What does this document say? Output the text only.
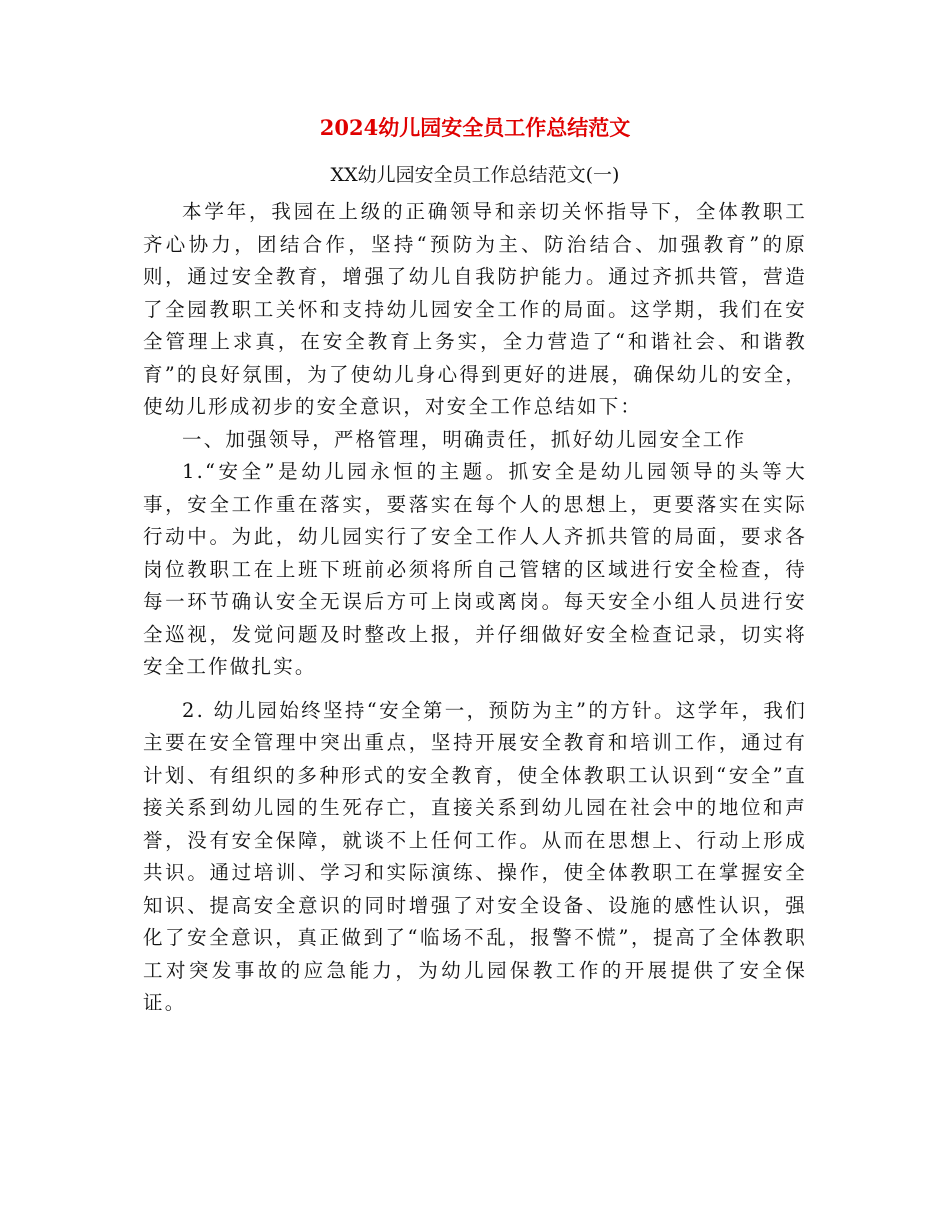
2024幼儿园安全员工作总结范文
XX幼儿园安全员工作总结范文(一)

本学年，我园在上级的正确领导和亲切关怀指导下，全体教职工齐心协力，团结合作，坚持“预防为主、防治结合、加强教育”的原则，通过安全教育，增强了幼儿自我防护能力。通过齐抓共管，营造了全园教职工关怀和支持幼儿园安全工作的局面。这学期，我们在安全管理上求真，在安全教育上务实，全力营造了“和谐社会、和谐教育”的良好氛围，为了使幼儿身心得到更好的进展，确保幼儿的安全，使幼儿形成初步的安全意识，对安全工作总结如下：

一、加强领导，严格管理，明确责任，抓好幼儿园安全工作

1.“安全”是幼儿园永恒的主题。抓安全是幼儿园领导的头等大事，安全工作重在落实，要落实在每个人的思想上，更要落实在实际行动中。为此，幼儿园实行了安全工作人人齐抓共管的局面，要求各岗位教职工在上班下班前必须将所自己管辖的区域进行安全检查，待每一环节确认安全无误后方可上岗或离岗。每天安全小组人员进行安全巡视，发觉问题及时整改上报，并仔细做好安全检查记录，切实将安全工作做扎实。

2. 幼儿园始终坚持“安全第一，预防为主”的方针。这学年，我们主要在安全管理中突出重点，坚持开展安全教育和培训工作，通过有计划、有组织的多种形式的安全教育，使全体教职工认识到“安全”直接关系到幼儿园的生死存亡，直接关系到幼儿园在社会中的地位和声誉，没有安全保障，就谈不上任何工作。从而在思想上、行动上形成共识。通过培训、学习和实际演练、操作，使全体教职工在掌握安全知识、提高安全意识的同时增强了对安全设备、设施的感性认识，强化了安全意识，真正做到了“临场不乱，报警不慌”，提高了全体教职工对突发事故的应急能力，为幼儿园保教工作的开展提供了安全保证。
